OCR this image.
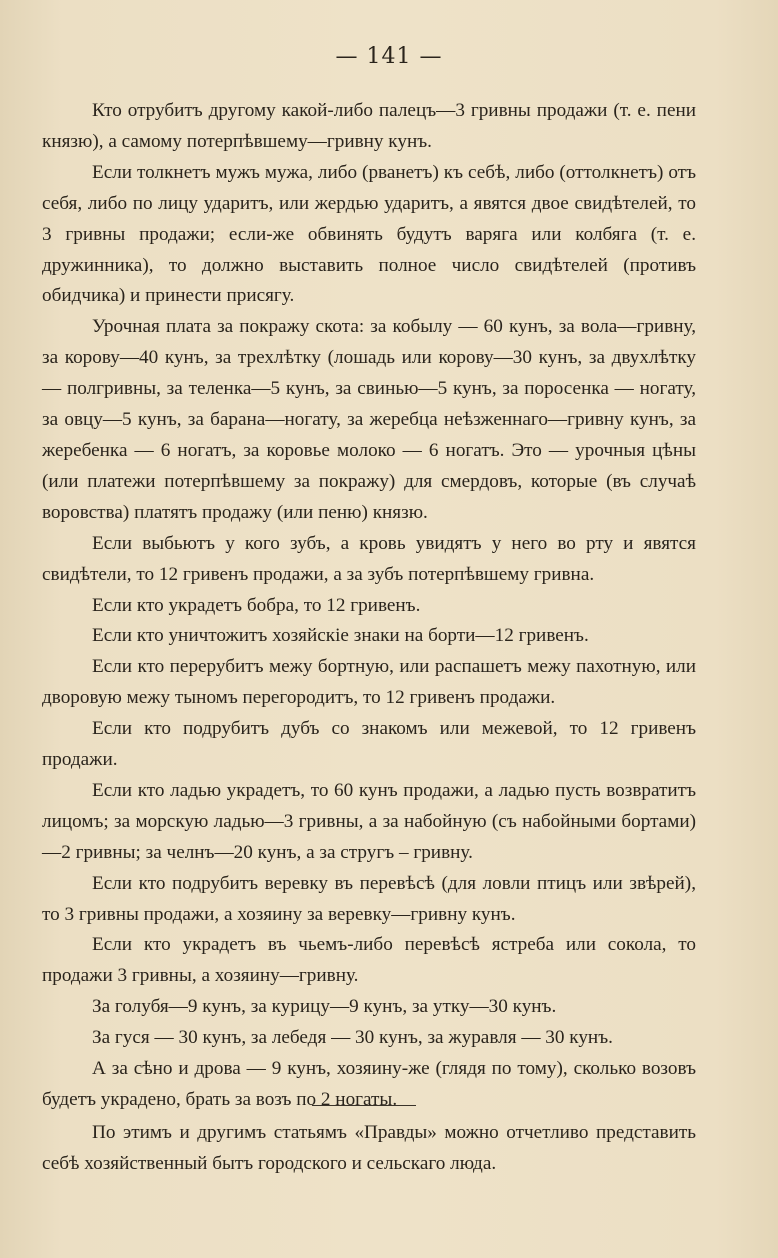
— 141 —

Кто отрубитъ другому какой-либо палецъ—3 гривны продажи (т. е. пени князю), а самому потерпѣвшему—гривну кунъ.

Если толкнетъ мужъ мужа, либо (рванетъ) къ себѣ, либо (оттолкнетъ) отъ себя, либо по лицу ударитъ, или жердью ударитъ, а явятся двое свидѣтелей, то 3 гривны продажи; если-же обвинять будутъ варяга или колбяга (т. е. дружинника), то должно выставить полное число свидѣтелей (противъ обидчика) и принести присягу.

Урочная плата за покражу скота: за кобылу — 60 кунъ, за вола—гривну, за корову—40 кунъ, за трехлѣтку (лошадь или корову—30 кунъ, за двухлѣтку — полгривны, за теленка—5 кунъ, за свинью—5 кунъ, за поросенка — ногату, за овцу—5 кунъ, за барана—ногату, за жеребца неѣзженнаго—гривну кунъ, за жеребенка — 6 ногатъ, за коровье молоко — 6 ногатъ. Это — урочныя цѣны (или платежи потерпѣвшему за покражу) для смердовъ, которые (въ случаѣ воровства) платятъ продажу (или пеню) князю.

Если выбьютъ у кого зубъ, а кровь увидятъ у него во рту и явятся свидѣтели, то 12 гривенъ продажи, а за зубъ потерпѣвшему гривна.

Если кто украдетъ бобра, то 12 гривенъ.

Если кто уничтожитъ хозяйскіе знаки на борти—12 гривенъ.

Если кто перерубитъ межу бортную, или распашетъ межу пахотную, или дворовую межу тыномъ перегородитъ, то 12 гривенъ продажи.

Если кто подрубитъ дубъ со знакомъ или межевой, то 12 гривенъ продажи.

Если кто ладью украдетъ, то 60 кунъ продажи, а ладью пусть возвратитъ лицомъ; за морскую ладью—3 гривны, а за набойную (съ набойными бортами)—2 гривны; за челнъ—20 кунъ, а за стругъ – гривну.

Если кто подрубитъ веревку въ перевѣсѣ (для ловли птицъ или звѣрей), то 3 гривны продажи, а хозяину за веревку—гривну кунъ.

Если кто украдетъ въ чьемъ-либо перевѣсѣ ястреба или сокола, то продажи 3 гривны, а хозяину—гривну.

За голубя—9 кунъ, за курицу—9 кунъ, за утку—30 кунъ.

За гуся — 30 кунъ, за лебедя — 30 кунъ, за журавля — 30 кунъ.

А за сѣно и дрова — 9 кунъ, хозяину-же (глядя по тому), сколько возовъ будетъ украдено, брать за возъ по 2 ногаты.

По этимъ и другимъ статьямъ «Правды» можно отчетливо представить себѣ хозяйственный бытъ городского и сельскаго люда.
